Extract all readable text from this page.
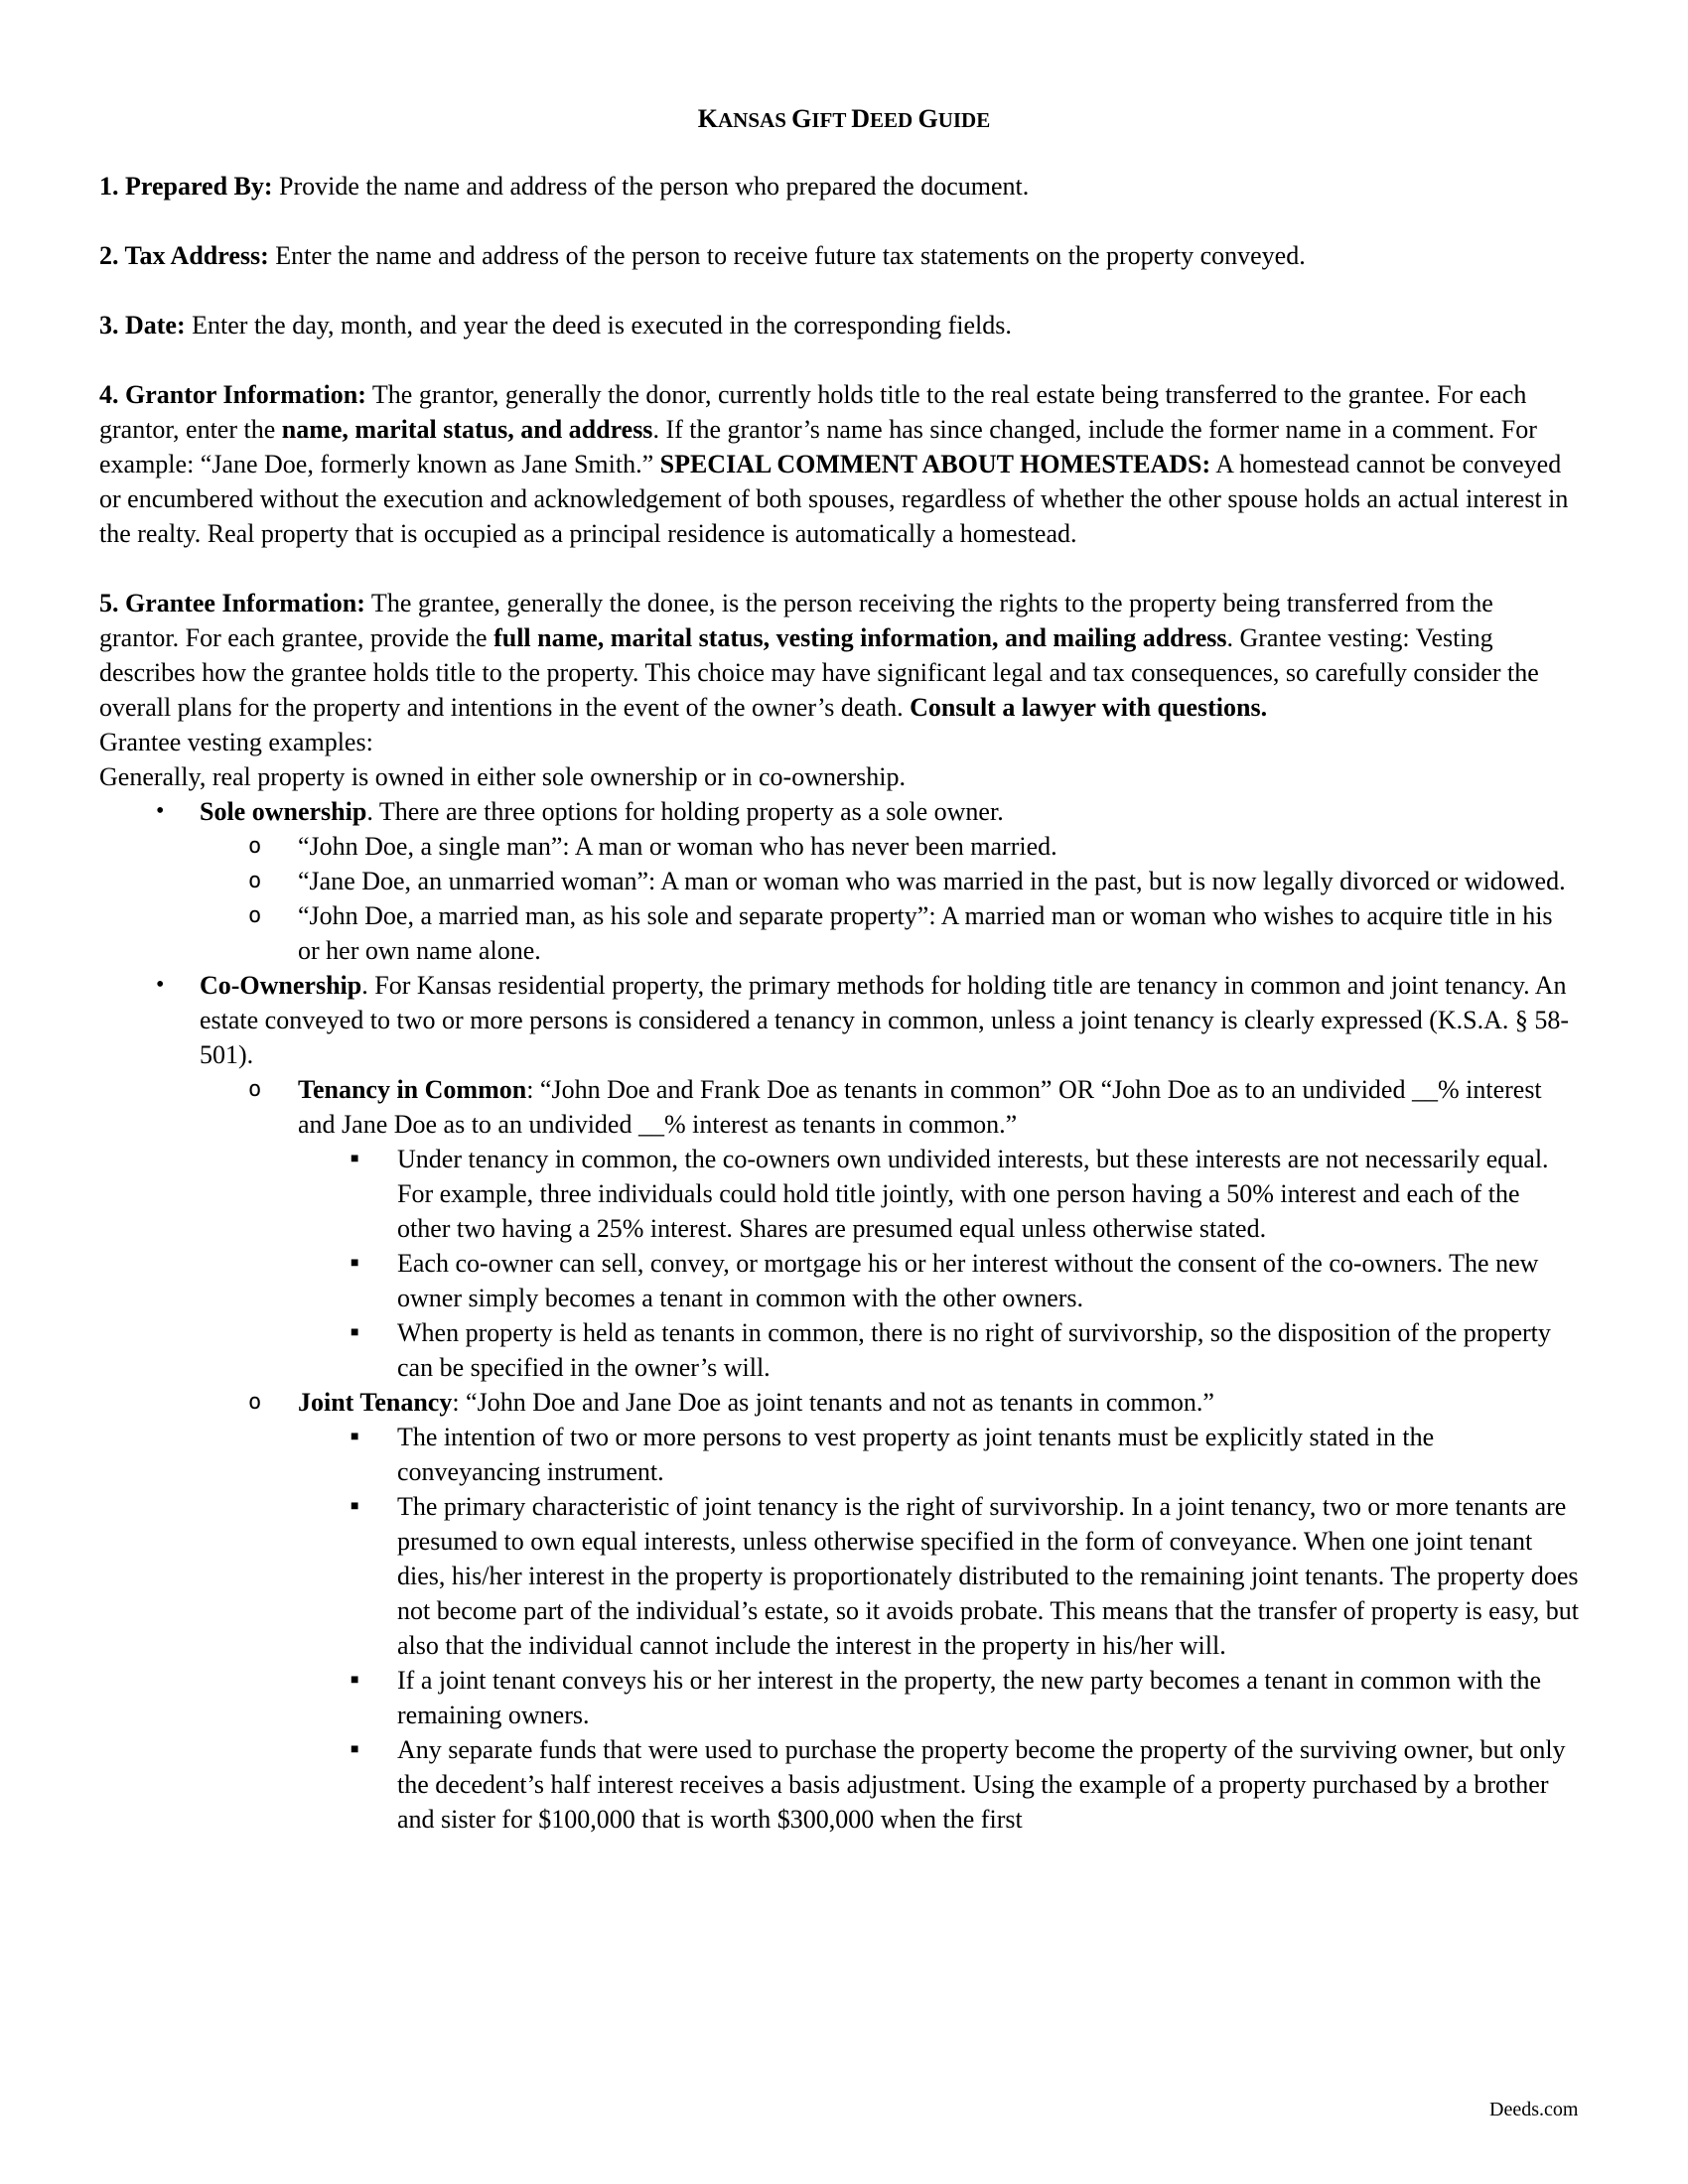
KANSAS GIFT DEED GUIDE

1. Prepared By: Provide the name and address of the person who prepared the document.

2. Tax Address: Enter the name and address of the person to receive future tax statements on the property conveyed.

3. Date: Enter the day, month, and year the deed is executed in the corresponding fields.

4. Grantor Information: The grantor, generally the donor, currently holds title to the real estate being transferred to the grantee. For each grantor, enter the name, marital status, and address. If the grantor’s name has since changed, include the former name in a comment. For example: “Jane Doe, formerly known as Jane Smith.” SPECIAL COMMENT ABOUT HOMESTEADS: A homestead cannot be conveyed or encumbered without the execution and acknowledgement of both spouses, regardless of whether the other spouse holds an actual interest in the realty. Real property that is occupied as a principal residence is automatically a homestead.

5. Grantee Information: The grantee, generally the donee, is the person receiving the rights to the property being transferred from the grantor. For each grantee, provide the full name, marital status, vesting information, and mailing address. Grantee vesting: Vesting describes how the grantee holds title to the property. This choice may have significant legal and tax consequences, so carefully consider the overall plans for the property and intentions in the event of the owner’s death. Consult a lawyer with questions.

Grantee vesting examples:

Generally, real property is owned in either sole ownership or in co-ownership.

• Sole ownership. There are three options for holding property as a sole owner.
o “John Doe, a single man”: A man or woman who has never been married.
o “Jane Doe, an unmarried woman”: A man or woman who was married in the past, but is now legally divorced or widowed.
o “John Doe, a married man, as his sole and separate property”: A married man or woman who wishes to acquire title in his or her own name alone.
• Co-Ownership. For Kansas residential property, the primary methods for holding title are tenancy in common and joint tenancy. An estate conveyed to two or more persons is considered a tenancy in common, unless a joint tenancy is clearly expressed (K.S.A. § 58-501).
o Tenancy in Common: “John Doe and Frank Doe as tenants in common” OR “John Doe as to an undivided __% interest and Jane Doe as to an undivided __% interest as tenants in common.”
■ Under tenancy in common, the co-owners own undivided interests, but these interests are not necessarily equal. For example, three individuals could hold title jointly, with one person having a 50% interest and each of the other two having a 25% interest. Shares are presumed equal unless otherwise stated.
■ Each co-owner can sell, convey, or mortgage his or her interest without the consent of the co-owners. The new owner simply becomes a tenant in common with the other owners.
■ When property is held as tenants in common, there is no right of survivorship, so the disposition of the property can be specified in the owner’s will.
o Joint Tenancy: “John Doe and Jane Doe as joint tenants and not as tenants in common.”
■ The intention of two or more persons to vest property as joint tenants must be explicitly stated in the conveyancing instrument.
■ The primary characteristic of joint tenancy is the right of survivorship. In a joint tenancy, two or more tenants are presumed to own equal interests, unless otherwise specified in the form of conveyance. When one joint tenant dies, his/her interest in the property is proportionately distributed to the remaining joint tenants. The property does not become part of the individual’s estate, so it avoids probate. This means that the transfer of property is easy, but also that the individual cannot include the interest in the property in his/her will.
■ If a joint tenant conveys his or her interest in the property, the new party becomes a tenant in common with the remaining owners.
■ Any separate funds that were used to purchase the property become the property of the surviving owner, but only the decedent’s half interest receives a basis adjustment. Using the example of a property purchased by a brother and sister for $100,000 that is worth $300,000 when the first
Deeds.com
